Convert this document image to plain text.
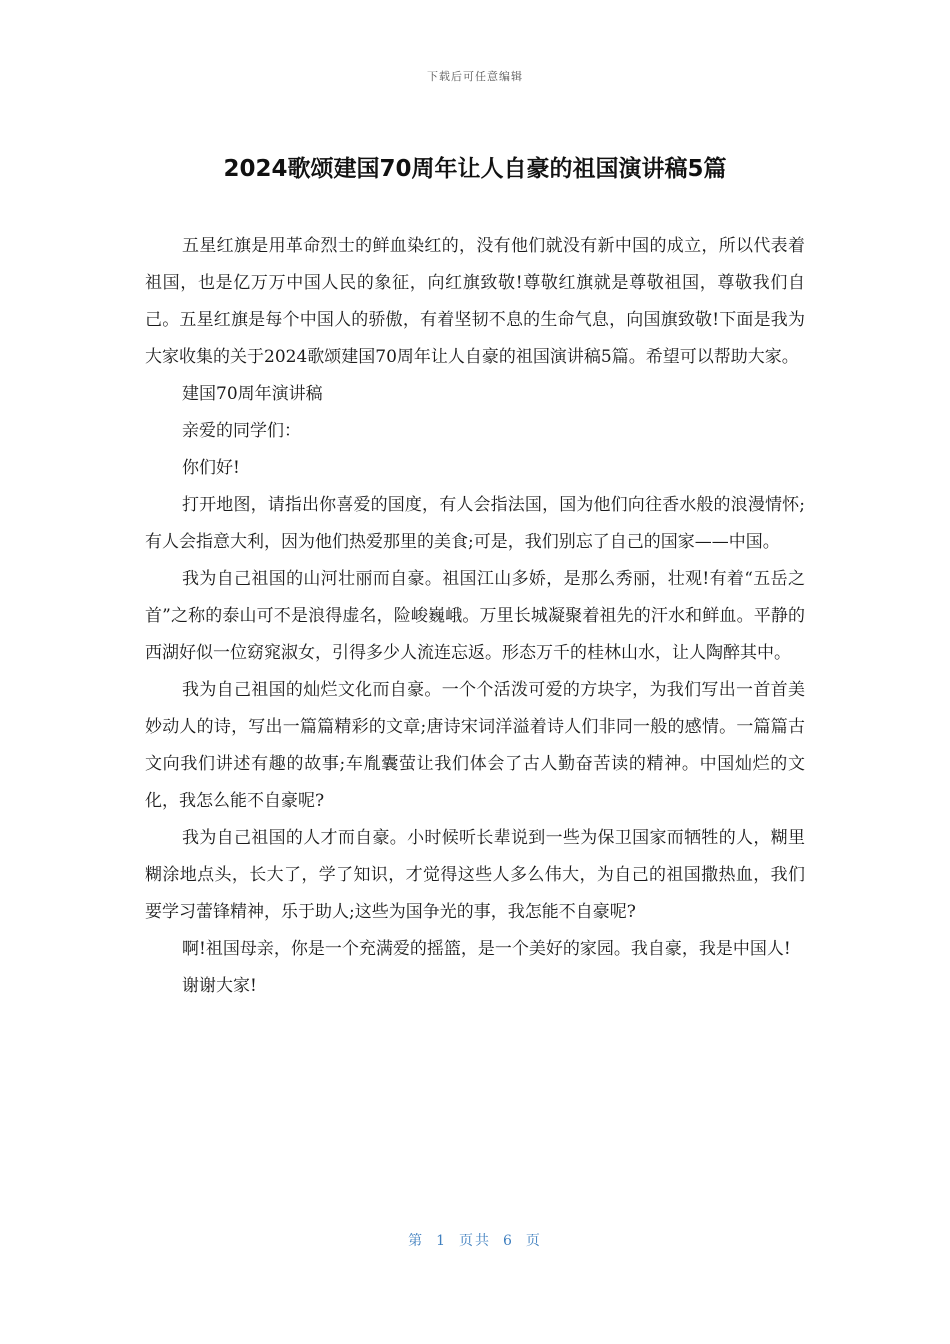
下载后可任意编辑
2024歌颂建国70周年让人自豪的祖国演讲稿5篇

五星红旗是用革命烈士的鲜血染红的，没有他们就没有新中国的成立，所以代表着祖国，也是亿万万中国人民的象征，向红旗致敬!尊敬红旗就是尊敬祖国，尊敬我们自己。五星红旗是每个中国人的骄傲，有着坚韧不息的生命气息，向国旗致敬!下面是我为大家收集的关于2024歌颂建国70周年让人自豪的祖国演讲稿5篇。希望可以帮助大家。

建国70周年演讲稿

亲爱的同学们：

你们好!

打开地图，请指出你喜爱的国度，有人会指法国，国为他们向往香水般的浪漫情怀;有人会指意大利，因为他们热爱那里的美食;可是，我们别忘了自己的国家——中国。

我为自己祖国的山河壮丽而自豪。祖国江山多娇，是那么秀丽，壮观!有着“五岳之首”之称的泰山可不是浪得虚名，险峻巍峨。万里长城凝聚着祖先的汗水和鲜血。平静的西湖好似一位窈窕淑女，引得多少人流连忘返。形态万千的桂林山水，让人陶醉其中。

我为自己祖国的灿烂文化而自豪。一个个活泼可爱的方块字，为我们写出一首首美妙动人的诗，写出一篇篇精彩的文章;唐诗宋词洋溢着诗人们非同一般的感情。一篇篇古文向我们讲述有趣的故事;车胤囊萤让我们体会了古人勤奋苦读的精神。中国灿烂的文化，我怎么能不自豪呢?

我为自己祖国的人才而自豪。小时候听长辈说到一些为保卫国家而牺牲的人，糊里糊涂地点头，长大了，学了知识，才觉得这些人多么伟大，为自己的祖国撒热血，我们要学习蕾锋精神，乐于助人;这些为国争光的事，我怎能不自豪呢?

啊!祖国母亲，你是一个充满爱的摇篮，是一个美好的家园。我自豪，我是中国人!

谢谢大家!

第 1 页共 6 页
